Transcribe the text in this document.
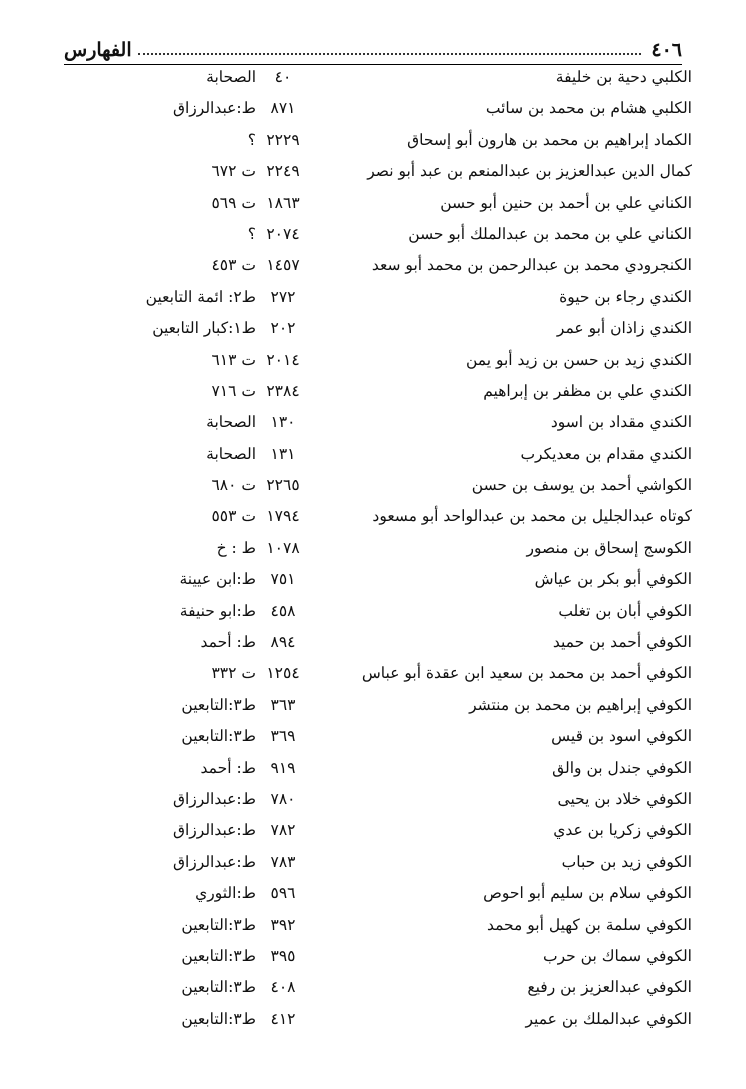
٤٠٦
الفهارس
الكلبي دحية بن خليفة
٤٠
الصحابة
الكلبي هشام بن محمد بن سائب
٨٧١
ط:عبدالرزاق
الكماد إبراهيم بن محمد بن هارون أبو إسحاق
٢٢٢٩
؟
كمال الدين عبدالعزيز بن عبدالمنعم بن عبد أبو نصر
٢٢٤٩
ت ٦٧٢
الكناني علي بن أحمد بن حنين أبو حسن
١٨٦٣
ت ٥٦٩
الكناني علي بن محمد بن عبدالملك أبو حسن
٢٠٧٤
؟
الكنجرودي محمد بن عبدالرحمن بن محمد أبو سعد
١٤٥٧
ت ٤٥٣
الكندي رجاء بن حيوة
٢٧٢
ط٢: ائمة التابعين
الكندي زاذان أبو عمر
٢٠٢
ط١:كبار التابعين
الكندي زيد بن حسن بن زيد أبو يمن
٢٠١٤
ت ٦١٣
الكندي علي بن مظفر بن إبراهيم
٢٣٨٤
ت ٧١٦
الكندي مقداد بن اسود
١٣٠
الصحابة
الكندي مقدام بن معديكرب
١٣١
الصحابة
الكواشي أحمد بن يوسف بن حسن
٢٢٦٥
ت ٦٨٠
كوتاه عبدالجليل بن محمد بن عبدالواحد أبو مسعود
١٧٩٤
ت ٥٥٣
الكوسج إسحاق بن منصور
١٠٧٨
ط : خ
الكوفي أبو بكر بن عياش
٧٥١
ط:ابن عيينة
الكوفي أبان بن تغلب
٤٥٨
ط:ابو حنيفة
الكوفي أحمد بن حميد
٨٩٤
ط: أحمد
الكوفي أحمد بن محمد بن سعيد ابن عقدة أبو عباس
١٢٥٤
ت ٣٣٢
الكوفي إبراهيم بن محمد بن منتشر
٣٦٣
ط٣:التابعين
الكوفي اسود بن قيس
٣٦٩
ط٣:التابعين
الكوفي جندل بن والق
٩١٩
ط: أحمد
الكوفي خلاد بن يحيى
٧٨٠
ط:عبدالرزاق
الكوفي زكريا بن عدي
٧٨٢
ط:عبدالرزاق
الكوفي زيد بن حباب
٧٨٣
ط:عبدالرزاق
الكوفي سلام بن سليم أبو احوص
٥٩٦
ط:الثوري
الكوفي سلمة بن كهيل أبو محمد
٣٩٢
ط٣:التابعين
الكوفي سماك بن حرب
٣٩٥
ط٣:التابعين
الكوفي عبدالعزيز بن رفيع
٤٠٨
ط٣:التابعين
الكوفي عبدالملك بن عمير
٤١٢
ط٣:التابعين
